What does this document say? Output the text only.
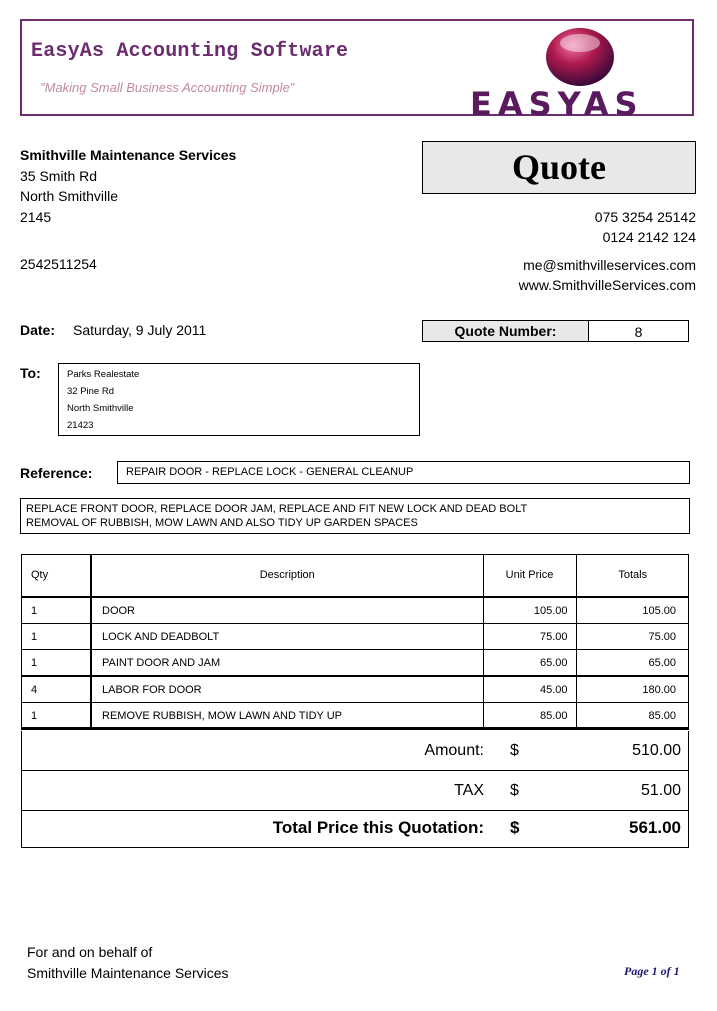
EasyAs Accounting Software
"Making Small Business Accounting Simple"	EASYAS
Smithville Maintenance Services
35 Smith Rd
North Smithville
2145
2542511254
Quote
075 3254 25142
0124 2142 124
me@smithvilleservices.com
www.SmithvilleServices.com
Date: Saturday, 9 July 2011	Quote Number:	8
To:	Parks Realestate
32 Pine Rd
North Smithville
21423
Reference:	REPAIR DOOR - REPLACE LOCK - GENERAL CLEANUP
REPLACE FRONT DOOR, REPLACE DOOR JAM, REPLACE AND FIT NEW LOCK AND DEAD BOLT
REMOVAL OF RUBBISH, MOW LAWN AND ALSO TIDY UP GARDEN SPACES
Qty	Description	Unit Price	Totals
1	DOOR	105.00	105.00
1	LOCK AND DEADBOLT	75.00	75.00
1	PAINT DOOR AND JAM	65.00	65.00
4	LABOR FOR DOOR	45.00	180.00
1	REMOVE RUBBISH, MOW LAWN AND TIDY UP	85.00	85.00
Amount: $	510.00
TAX $	51.00
Total Price this Quotation: $	561.00
For and on behalf of
Smithville Maintenance Services	Page 1 of 1
